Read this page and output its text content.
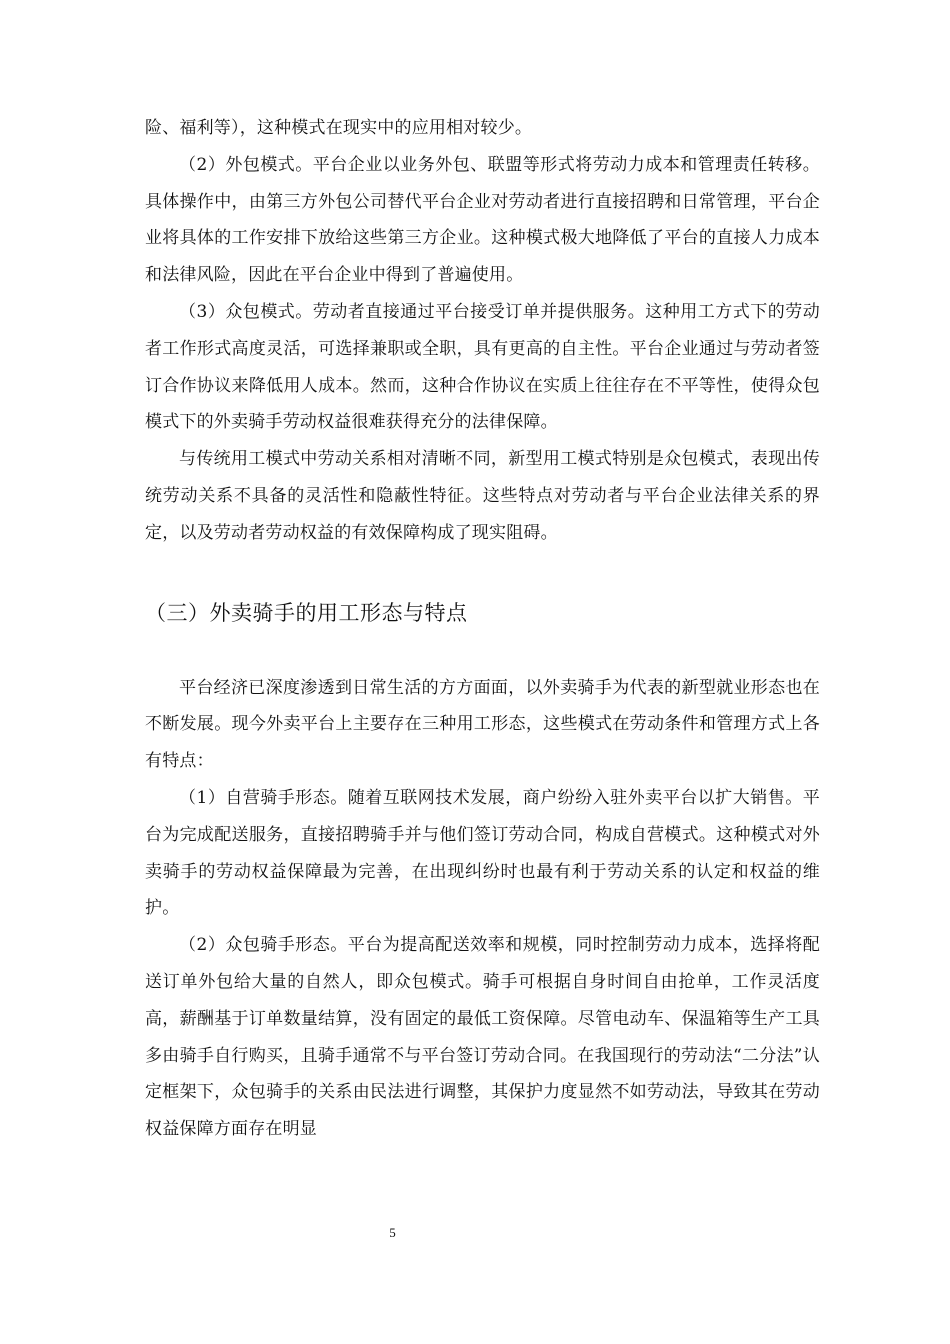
险、福利等），这种模式在现实中的应用相对较少。

（2）外包模式。平台企业以业务外包、联盟等形式将劳动力成本和管理责任转移。具体操作中，由第三方外包公司替代平台企业对劳动者进行直接招聘和日常管理，平台企业将具体的工作安排下放给这些第三方企业。这种模式极大地降低了平台的直接人力成本和法律风险，因此在平台企业中得到了普遍使用。

（3）众包模式。劳动者直接通过平台接受订单并提供服务。这种用工方式下的劳动者工作形式高度灵活，可选择兼职或全职，具有更高的自主性。平台企业通过与劳动者签订合作协议来降低用人成本。然而，这种合作协议在实质上往往存在不平等性，使得众包模式下的外卖骑手劳动权益很难获得充分的法律保障。

与传统用工模式中劳动关系相对清晰不同，新型用工模式特别是众包模式，表现出传统劳动关系不具备的灵活性和隐蔽性特征。这些特点对劳动者与平台企业法律关系的界定，以及劳动者劳动权益的有效保障构成了现实阻碍。

（三）外卖骑手的用工形态与特点

平台经济已深度渗透到日常生活的方方面面，以外卖骑手为代表的新型就业形态也在不断发展。现今外卖平台上主要存在三种用工形态，这些模式在劳动条件和管理方式上各有特点：

（1）自营骑手形态。随着互联网技术发展，商户纷纷入驻外卖平台以扩大销售。平台为完成配送服务，直接招聘骑手并与他们签订劳动合同，构成自营模式。这种模式对外卖骑手的劳动权益保障最为完善，在出现纠纷时也最有利于劳动关系的认定和权益的维护。

（2）众包骑手形态。平台为提高配送效率和规模，同时控制劳动力成本，选择将配送订单外包给大量的自然人，即众包模式。骑手可根据自身时间自由抢单，工作灵活度高，薪酬基于订单数量结算，没有固定的最低工资保障。尽管电动车、保温箱等生产工具多由骑手自行购买，且骑手通常不与平台签订劳动合同。在我国现行的劳动法“二分法”认定框架下，众包骑手的关系由民法进行调整，其保护力度显然不如劳动法，导致其在劳动权益保障方面存在明显

5
